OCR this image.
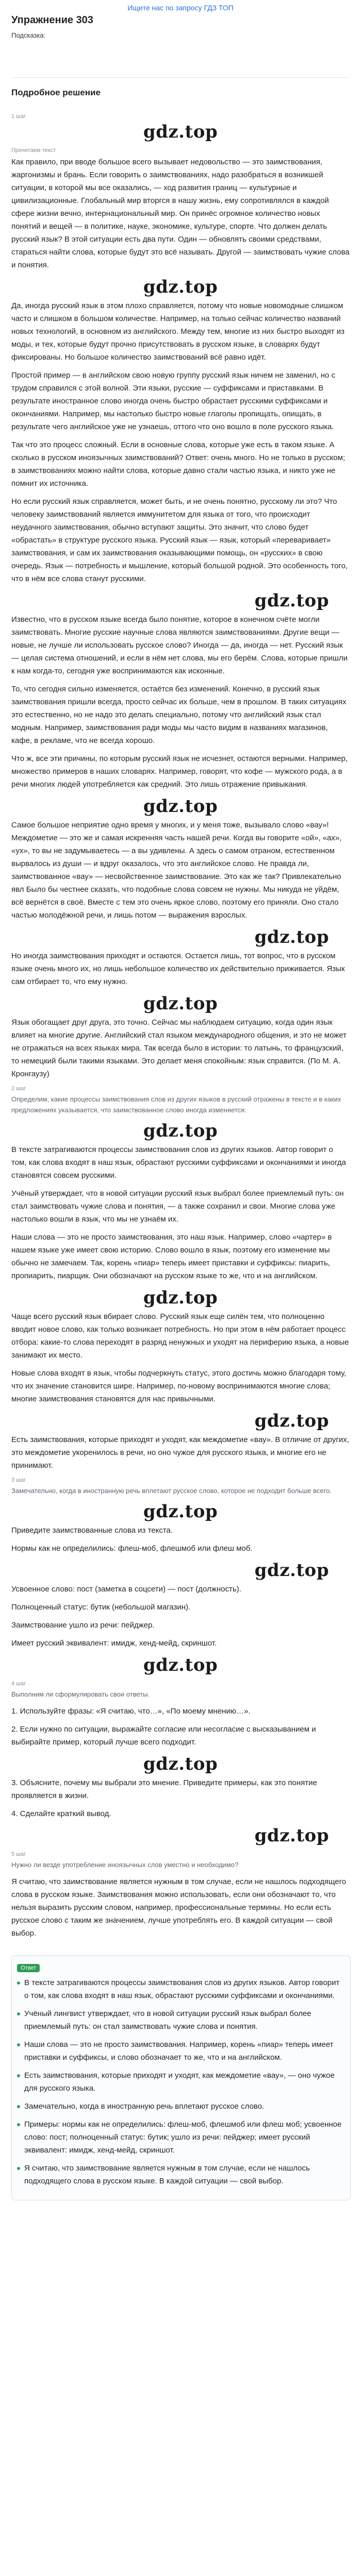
Ищите нас по запросу ГДЗ ТОП
Упражнение 303
Подсказка:
Подробное решение
1 шаг
gdz.top
Прочитаем текст

Как правило, при вводе большое всего вызывает недовольство — это заимствования, жаргонизмы и брань. Если говорить о заимствованиях, надо разобраться в возникшей ситуации, в которой мы все оказались, — ход развития границ — культурные и цивилизационные. Глобальный мир вторгся в нашу жизнь, ему сопротивлялся в каждой сфере жизни вечно, интернациональный мир. Он принёс огромное количество новых понятий и вещей — в политике, науке, экономике, культуре, спорте. Что должен делать русский язык? В этой ситуации есть два пути. Один — обновлять своими средствами, стараться найти слова, которые будут это всё называть. Другой — заимствовать чужие слова и понятия.

gdz.top

Да, иногда русский язык в этом плохо справляется, потому что новые новомодные слишком часто и слишком в большом количестве. Например, на только сейчас количество названий новых технологий, в основном из английского. Между тем, многие из них быстро выходят из моды, и тех, которые будут прочно присутствовать в русском языке, в словарях будут фиксированы. Но большое количество заимствований всё равно идёт.

Простой пример — в английском свою новую группу русский язык ничем не заменил, но с трудом справился с этой волной. Эти языки, русские — суффиксами и приставками. В результате иностранное слово иногда очень быстро обрастает русскими суффиксами и окончаниями. Например, мы настолько быстро новые глаголы пропищать, опищать, в результате чего английское уже не узнаешь, оттого что оно вошло в поле русского языка.

Так что это процесс сложный. Если в основные слова, которые уже есть в таком языке. А сколько в русском иноязычных заимствований? Ответ: очень много. Но не только в русском; в заимствованиях можно найти слова, которые давно стали частью языка, и никто уже не помнит их источника.

Но если русский язык справляется, может быть, и не очень понятно, русскому ли это? Что человеку заимствований является иммунитетом для языка от того, что происходит неудачного заимствования, обычно вступают защиты. Это значит, что слово будет «обрастать» в структуре русского языка. Русский язык — язык, который «переваривает» заимствования, и сам их заимствования оказывающими помощь, он «русских» в свою очередь. Язык — потребность и мышление, который большой родной. Это особенность того, что в нём все слова станут русскими.

gdz.top

Известно, что в русском языке всегда было понятие, которое в конечном счёте могли заимствовать. Многие русские научные слова являются заимствованиями. Другие вещи — новые, не лучше ли использовать русское слово? Иногда — да, иногда — нет. Русский язык — целая система отношений, и если в нём нет слова, мы его берём. Слова, которые пришли к нам когда-то, сегодня уже воспринимаются как исконные.

То, что сегодня сильно изменяется, остаётся без изменений. Конечно, в русский язык заимствования пришли всегда, просто сейчас их больше, чем в прошлом. В таких ситуациях это естественно, но не надо это делать специально, потому что английский язык стал модным. Например, заимствования ради моды мы часто видим в названиях магазинов, кафе, в рекламе, что не всегда хорошо.

Что ж, все эти причины, по которым русский язык не исчезнет, остаются верными. Например, множество примеров в наших словарях. Например, говорят, что кофе — мужского рода, а в речи многих людей употребляется как средний. Это лишь отражение привыкания.

gdz.top

Самое большое неприятие одно время у многих, и у меня тоже, вызывало слово «вау»! Междометие — это же и самая искренняя часть нашей речи. Когда вы говорите «ой», «ах», «ух», то вы не задумываетесь — а вы удивлены. А здесь о самом отраном, естественном вырвалось из души — и вдруг оказалось, что это английское слово. Не правда ли, заимствованное «вау» — несвойственное заимствование. Это как же так? Привлекательно явл Было бы честнее сказать, что подобные слова совсем не нужны. Мы никуда не уйдём, всё вернётся в своё. Вместе с тем это очень яркое слово, поэтому его приняли. Оно стало частью молодёжной речи, и лишь потом — выражения взрослых.

gdz.top

Но иногда заимствования приходят и остаются. Остается лишь, тот вопрос, что в русском языке очень много их, но лишь небольшое количество их действительно приживается. Язык сам отбирает то, что ему нужно.

gdz.top

Язык обогащает друг друга, это точно. Сейчас мы наблюдаем ситуацию, когда один язык влияет на многие другие. Английский стал языком международного общения, и это не может не отражаться на всех языках мира. Так всегда было в истории: то латынь, то французский, то немецкий были такими языками. Это делает меня спокойным: язык справится. (По М. А. Кронгаузу)

2 шаг

Определим, какие процессы заимствования слов из других языков в русский отражены в тексте и в каких предложениях указывается, что заимствованное слово иногда изменяется.

gdz.top

В тексте затрагиваются процессы заимствования слов из других языков. Автор говорит о том, как слова входят в наш язык, обрастают русскими суффиксами и окончаниями и иногда становятся совсем русскими.

Учёный утверждает, что в новой ситуации русский язык выбрал более приемлемый путь: он стал заимствовать чужие слова и понятия, — а также сохранил и свои. Многие слова уже настолько вошли в язык, что мы не узнаём их.

Наши слова — это не просто заимствования, это наш язык. Например, слово «чартер» в нашем языке уже имеет свою историю. Слово вошло в язык, поэтому его изменение мы обычно не замечаем. Так, корень «пиар» теперь имеет приставки и суффиксы: пиарить, пропиарить, пиарщик. Они обозначают на русском языке то же, что и на английском.

gdz.top

Чаще всего русский язык вбирает слово. Русский язык еще силён тем, что полноценно вводит новое слово, как только возникает потребность. Но при этом в нём работает процесс отбора: какие-то слова переходят в разряд ненужных и уходят на периферию языка, а новые занимают их место.

Новые слова входят в язык, чтобы подчеркнуть статус, этого достичь можно благодаря тому, что их значение становится шире. Например, по-новому воспринимаются многие слова; многие заимствования становятся для нас привычными.

gdz.top

Есть заимствования, которые приходят и уходят, как междометие «вау». В отличие от других, это междометие укоренилось в речи, но оно чужое для русского языка, и многие его не принимают.

3 шаг

Замечательно, когда в иностранную речь вплетают русское слово, которое не подходит больше всего.

gdz.top

Приведите заимствованные слова из текста.

Нормы как не определились: флеш-моб, флешмоб или флеш моб.

gdz.top

Усвоенное слово: пост (заметка в соцсети) — пост (должность).

Полноценный статус: бутик (небольшой магазин).

Заимствование ушло из речи: пейджер.

Имеет русский эквивалент: имидж, хенд-мейд, скриншот.

gdz.top
4 шаг

Выполним ли сформулировать свои ответы.

1. Используйте фразы: «Я считаю, что…», «По моему мнению…».

2. Если нужно по ситуации, выражайте согласие или несогласие с высказыванием и выбирайте пример, который лучше всего подходит.

gdz.top

3. Объясните, почему мы выбрали это мнение. Приведите примеры, как это понятие проявляется в жизни.

4. Сделайте краткий вывод.

gdz.top
5 шаг

Нужно ли везде употребление иноязычных слов уместно и необходимо?

Я считаю, что заимствование является нужным в том случае, если не нашлось подходящего слова в русском языке. Заимствования можно использовать, если они обозначают то, что нельзя выразить русским словом, например, профессиональные термины. Но если есть русское слово с таким же значением, лучше употреблять его. В каждой ситуации — свой выбор.

Ответ

В тексте затрагиваются процессы заимствования слов из других языков. Автор говорит о том, как слова входят в наш язык, обрастают русскими суффиксами и окончаниями.

Учёный лингвист утверждает, что в новой ситуации русский язык выбрал более приемлемый путь: он стал заимствовать чужие слова и понятия.

Наши слова — это не просто заимствования. Например, корень «пиар» теперь имеет приставки и суффиксы, и слово обозначает то же, что и на английском.

Есть заимствования, которые приходят и уходят, как междометие «вау», — оно чужое для русского языка.

Замечательно, когда в иностранную речь вплетают русское слово.

Примеры: нормы как не определились: флеш-моб, флешмоб или флеш моб; усвоенное слово: пост; полноценный статус: бутик; ушло из речи: пейджер; имеет русский эквивалент: имидж, хенд-мейд, скриншот.

Я считаю, что заимствование является нужным в том случае, если не нашлось подходящего слова в русском языке. В каждой ситуации — свой выбор.
